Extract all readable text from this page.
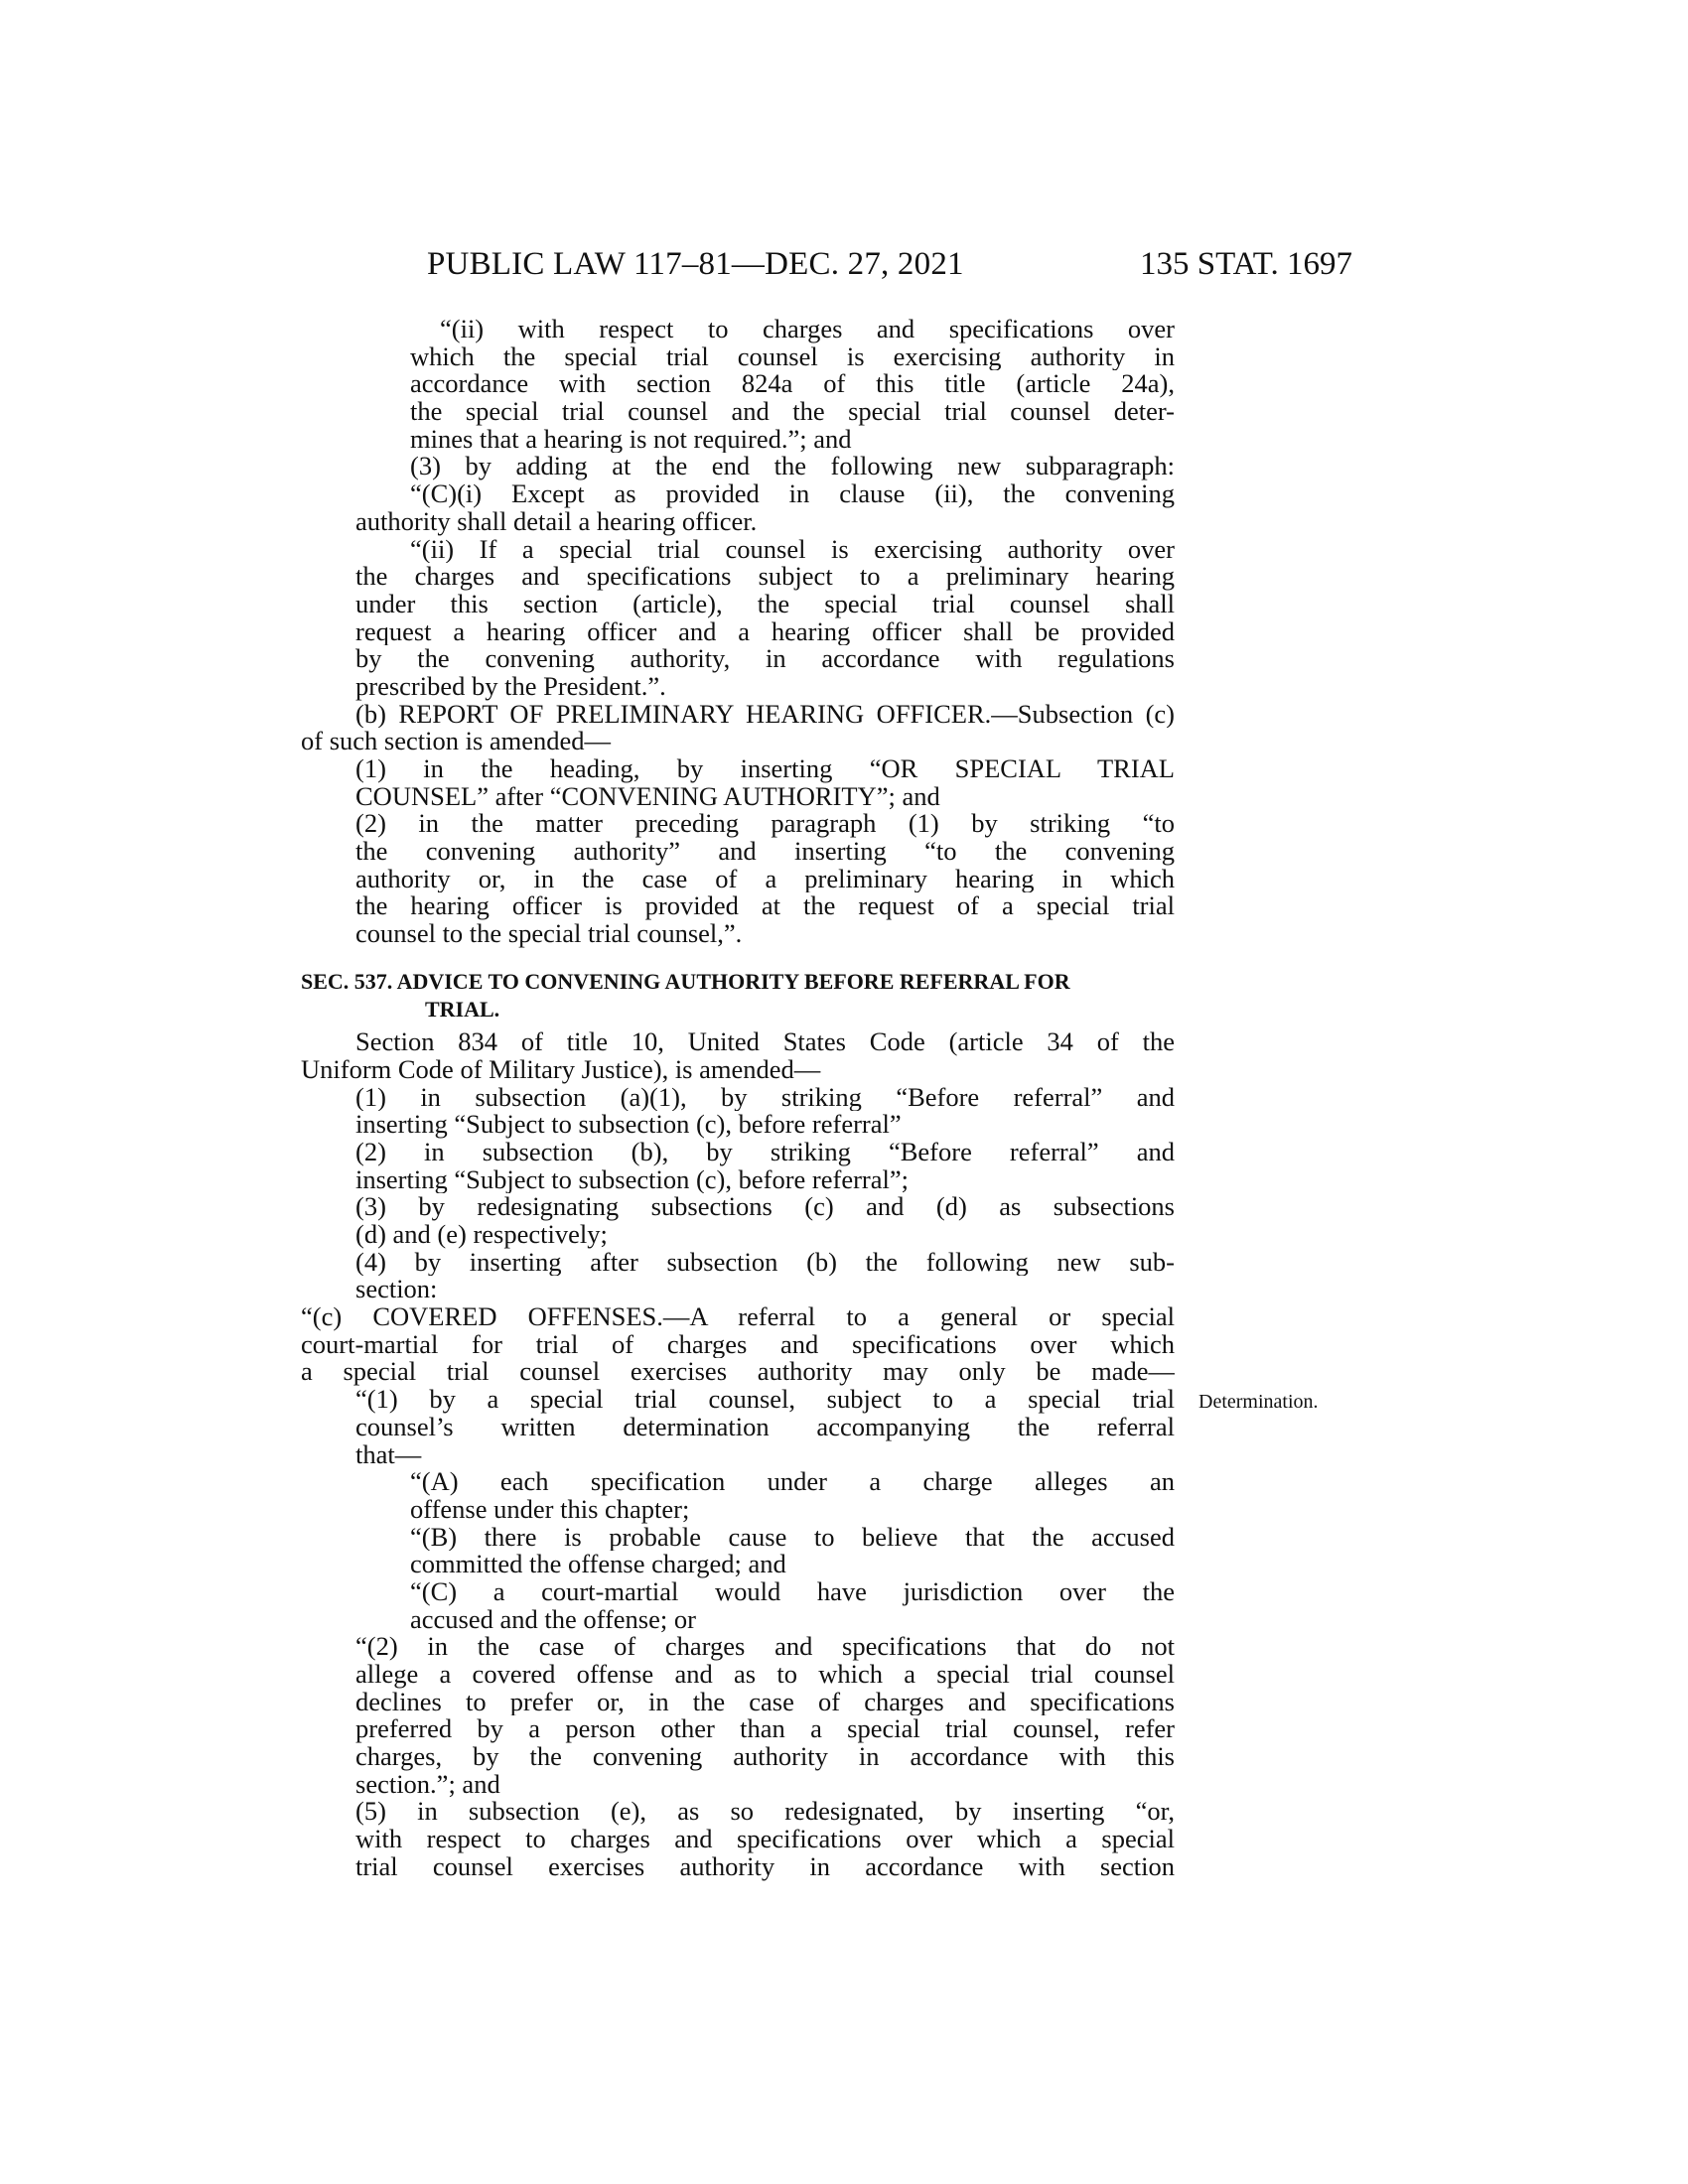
PUBLIC LAW 117–81—DEC. 27, 2021	135 STAT. 1697
“(ii) with respect to charges and specifications over
which the special trial counsel is exercising authority in
accordance with section 824a of this title (article 24a),
the special trial counsel and the special trial counsel deter-
mines that a hearing is not required.”; and
(3) by adding at the end the following new subparagraph:
“(C)(i) Except as provided in clause (ii), the convening
authority shall detail a hearing officer.
“(ii) If a special trial counsel is exercising authority over
the charges and specifications subject to a preliminary hearing
under this section (article), the special trial counsel shall
request a hearing officer and a hearing officer shall be provided
by the convening authority, in accordance with regulations
prescribed by the President.”.
(b) REPORT OF PRELIMINARY HEARING OFFICER.—Subsection (c)
of such section is amended—
(1) in the heading, by inserting “OR SPECIAL TRIAL
COUNSEL” after “CONVENING AUTHORITY”; and
(2) in the matter preceding paragraph (1) by striking “to
the convening authority” and inserting “to the convening
authority or, in the case of a preliminary hearing in which
the hearing officer is provided at the request of a special trial
counsel to the special trial counsel,”.
SEC. 537. ADVICE TO CONVENING AUTHORITY BEFORE REFERRAL FOR
TRIAL.
Section 834 of title 10, United States Code (article 34 of the
Uniform Code of Military Justice), is amended—
(1) in subsection (a)(1), by striking “Before referral” and
inserting “Subject to subsection (c), before referral”
(2) in subsection (b), by striking “Before referral” and
inserting “Subject to subsection (c), before referral”;
(3) by redesignating subsections (c) and (d) as subsections
(d) and (e) respectively;
(4) by inserting after subsection (b) the following new sub-
section:
“(c) COVERED OFFENSES.—A referral to a general or special
court-martial for trial of charges and specifications over which
a special trial counsel exercises authority may only be made—
“(1) by a special trial counsel, subject to a special trial
counsel’s written determination accompanying the referral
that—
“(A) each specification under a charge alleges an
offense under this chapter;
“(B) there is probable cause to believe that the accused
committed the offense charged; and
“(C) a court-martial would have jurisdiction over the
accused and the offense; or
“(2) in the case of charges and specifications that do not
allege a covered offense and as to which a special trial counsel
declines to prefer or, in the case of charges and specifications
preferred by a person other than a special trial counsel, refer
charges, by the convening authority in accordance with this
section.”; and
(5) in subsection (e), as so redesignated, by inserting “or,
with respect to charges and specifications over which a special
trial counsel exercises authority in accordance with section
Determination.
